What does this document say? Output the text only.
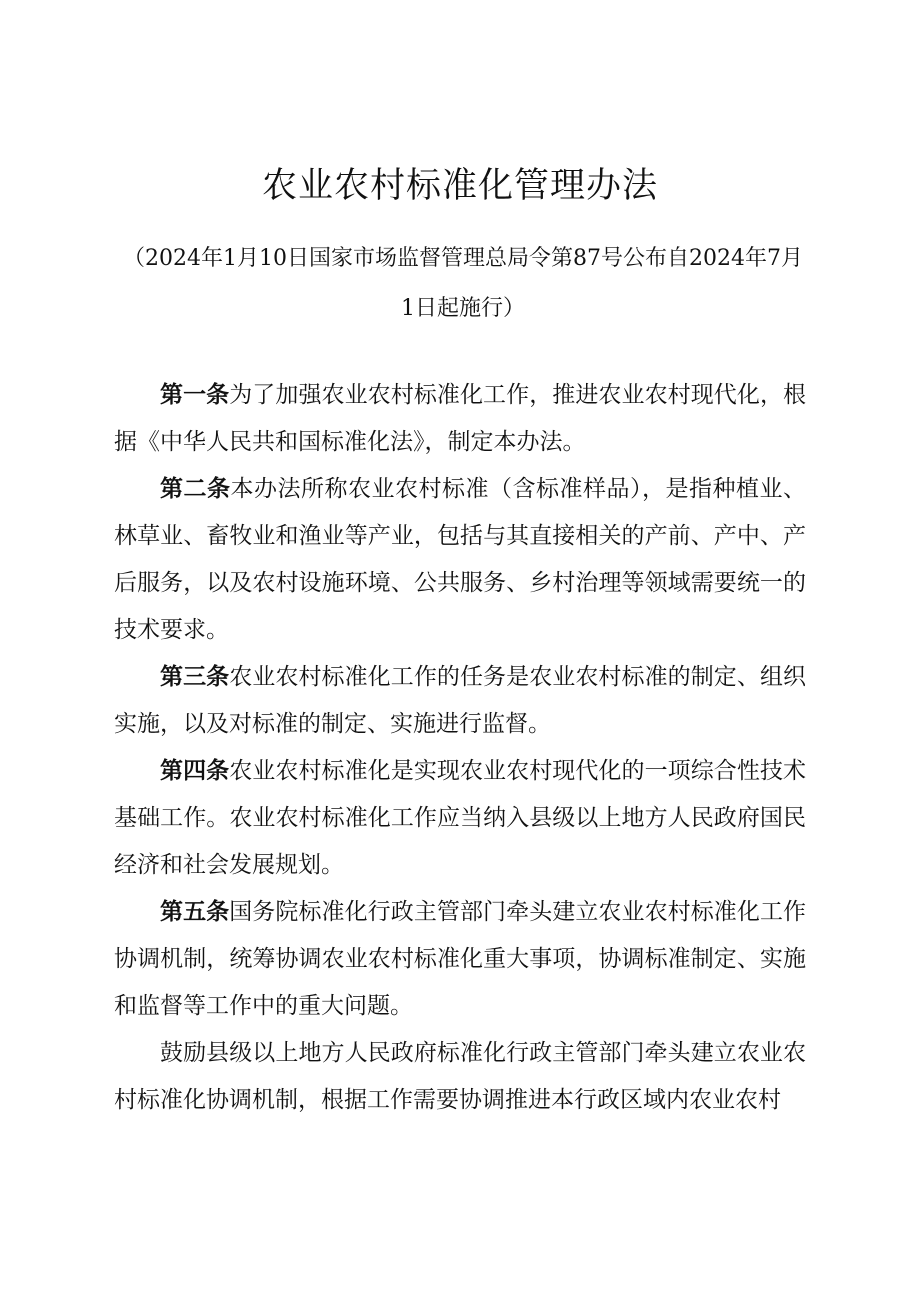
农业农村标准化管理办法

（2024年1月10日国家市场监督管理总局令第87号公布自2024年7月1日起施行）

第一条为了加强农业农村标准化工作，推进农业农村现代化，根据《中华人民共和国标准化法》，制定本办法。

第二条本办法所称农业农村标准（含标准样品），是指种植业、林草业、畜牧业和渔业等产业，包括与其直接相关的产前、产中、产后服务，以及农村设施环境、公共服务、乡村治理等领域需要统一的技术要求。

第三条农业农村标准化工作的任务是农业农村标准的制定、组织实施，以及对标准的制定、实施进行监督。

第四条农业农村标准化是实现农业农村现代化的一项综合性技术基础工作。农业农村标准化工作应当纳入县级以上地方人民政府国民经济和社会发展规划。

第五条国务院标准化行政主管部门牵头建立农业农村标准化工作协调机制，统筹协调农业农村标准化重大事项，协调标准制定、实施和监督等工作中的重大问题。

鼓励县级以上地方人民政府标准化行政主管部门牵头建立农业农村标准化协调机制，根据工作需要协调推进本行政区域内农业农村
